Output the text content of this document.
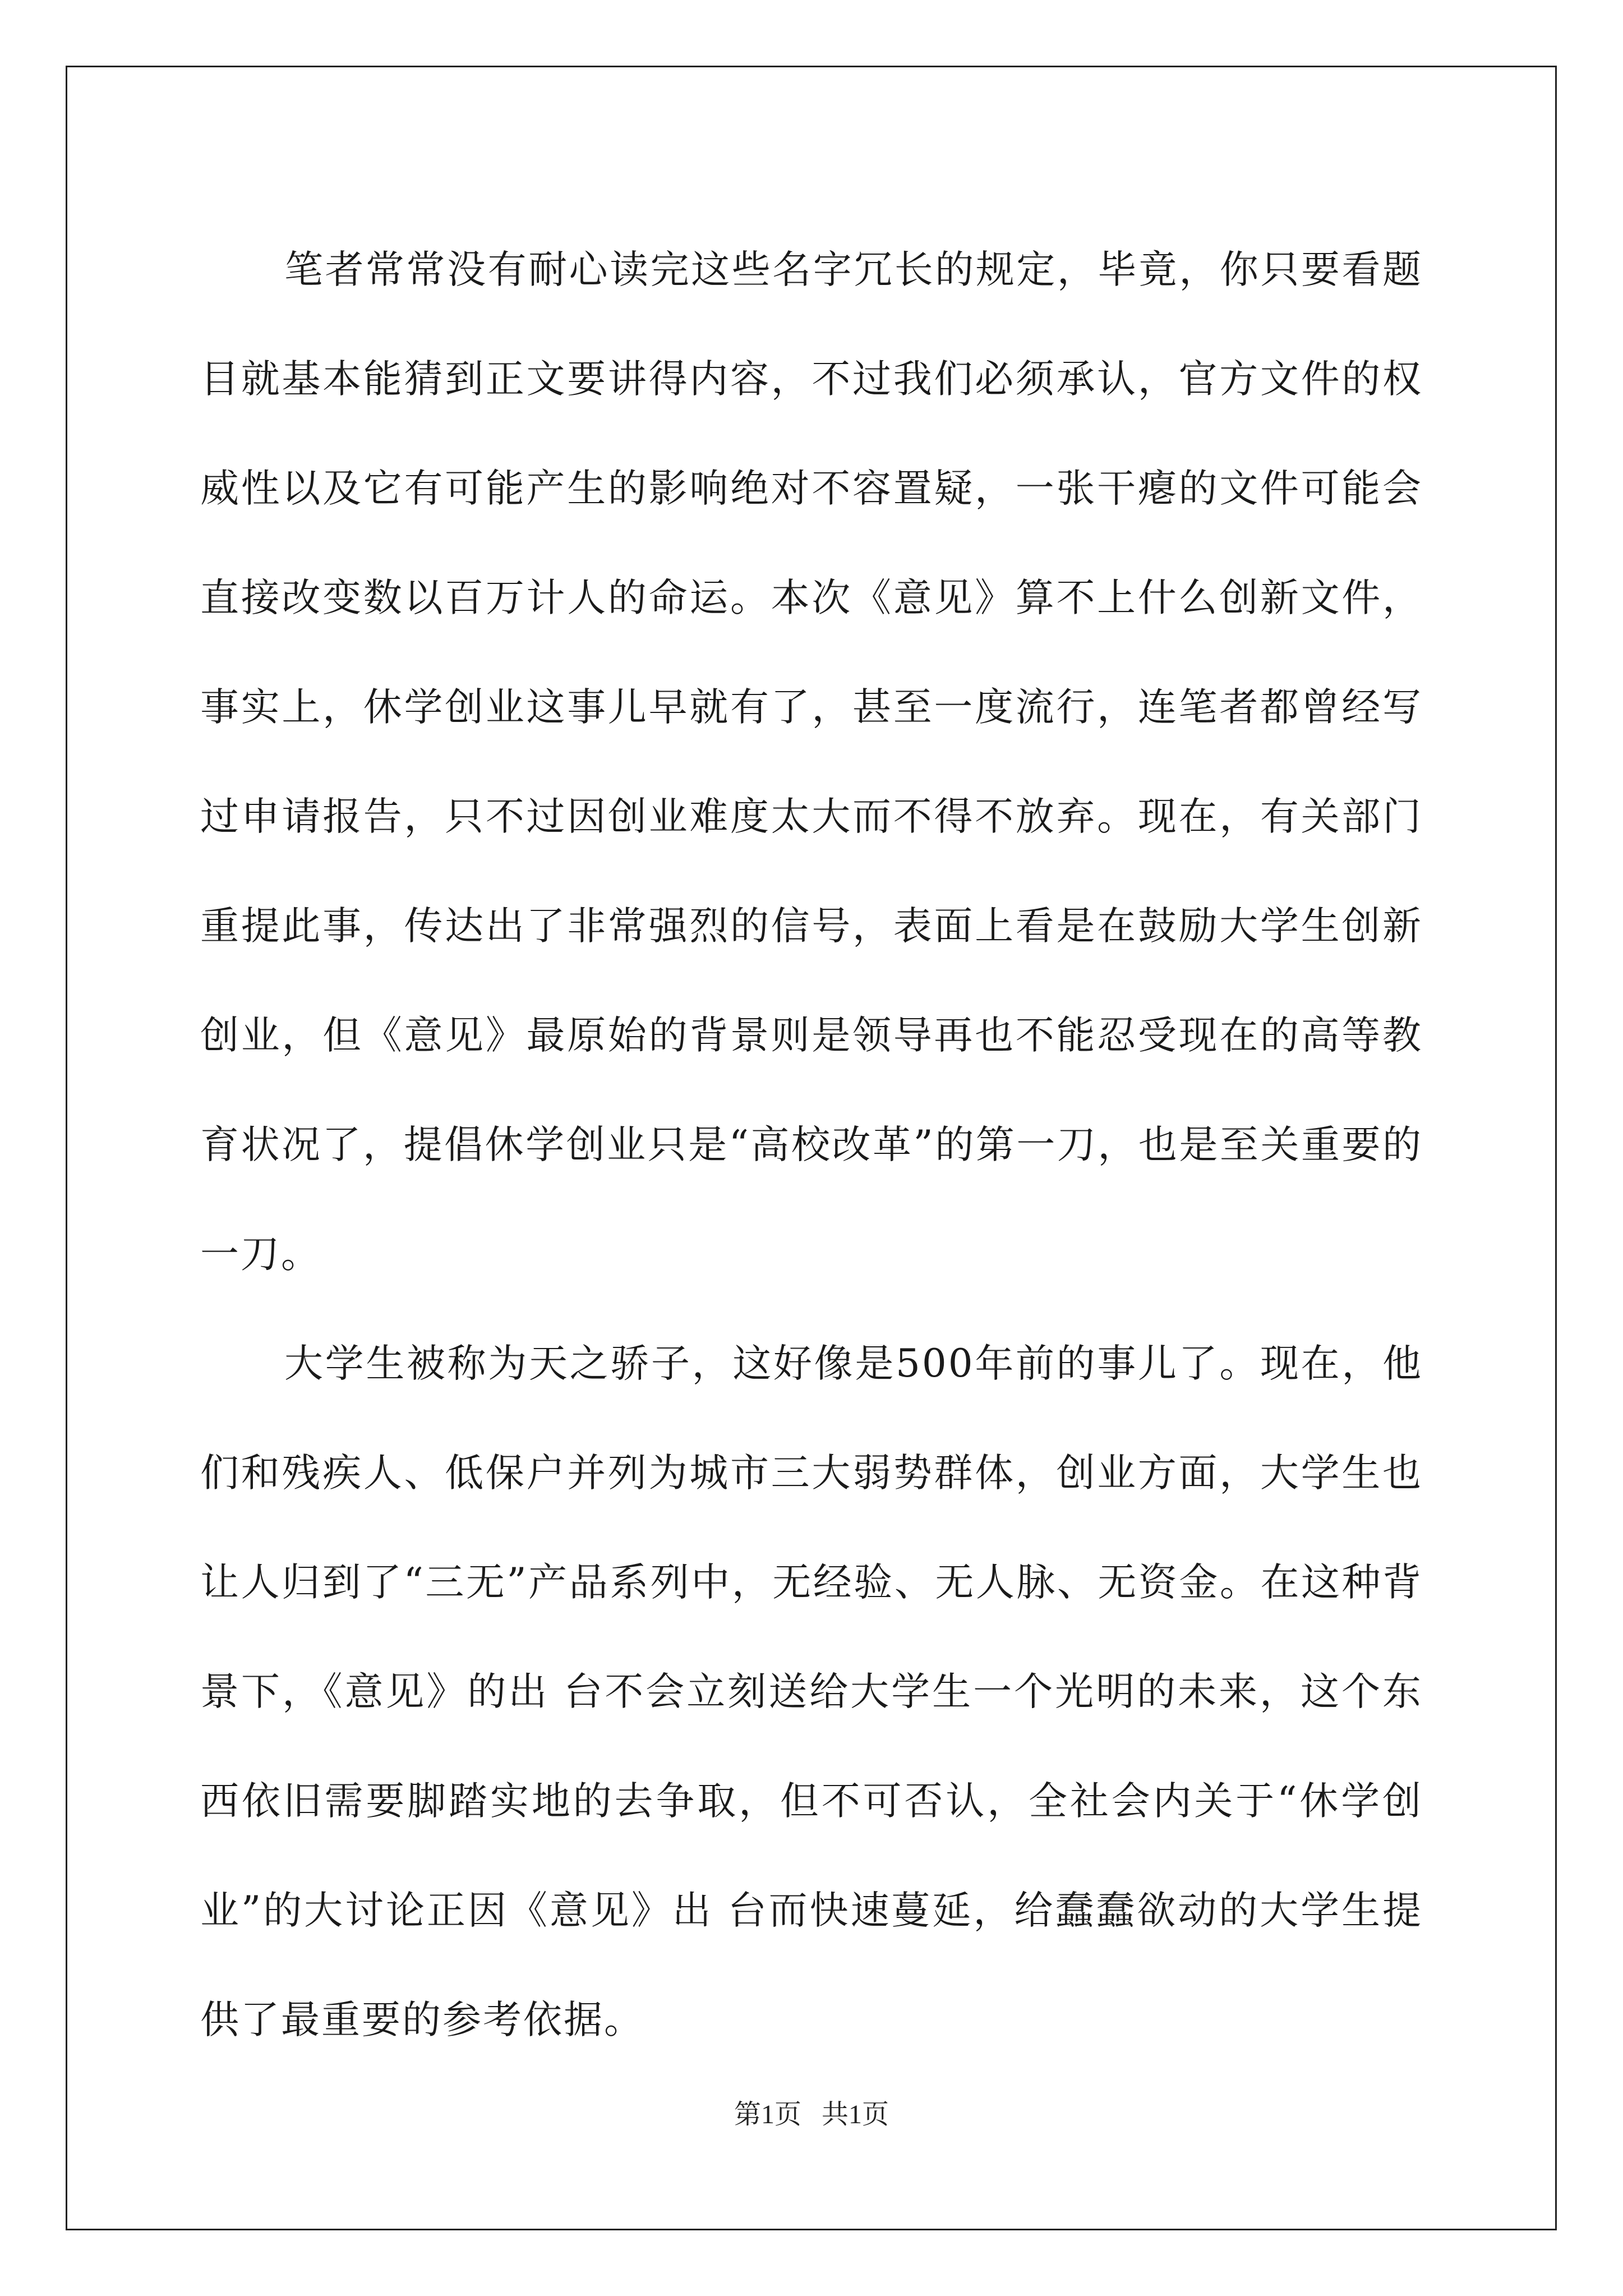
笔者常常没有耐心读完这些名字冗长的规定，毕竟，你只要看题目就基本能猜到正文要讲得内容，不过我们必须承认，官方文件的权威性以及它有可能产生的影响绝对不容置疑，一张干瘪的文件可能会直接改变数以百万计人的命运。本次《意见》算不上什么创新文件，事实上，休学创业这事儿早就有了，甚至一度流行，连笔者都曾经写过申请报告，只不过因创业难度太大而不得不放弃。现在，有关部门重提此事，传达出了非常强烈的信号，表面上看是在鼓励大学生创新创业，但《意见》最原始的背景则是领导再也不能忍受现在的高等教育状况了，提倡休学创业只是“高校改革”的第一刀，也是至关重要的一刀。

大学生被称为天之骄子，这好像是500年前的事儿了。现在，他们和残疾人、低保户并列为城市三大弱势群体，创业方面，大学生也让人归到了“三无”产品系列中，无经验、无人脉、无资金。在这种背景下，《意见》的出 台不会立刻送给大学生一个光明的未来，这个东西依旧需要脚踏实地的去争取，但不可否认，全社会内关于“休学创业”的大讨论正因《意见》出 台而快速蔓延，给蠢蠢欲动的大学生提供了最重要的参考依据。

第1页   共1页
